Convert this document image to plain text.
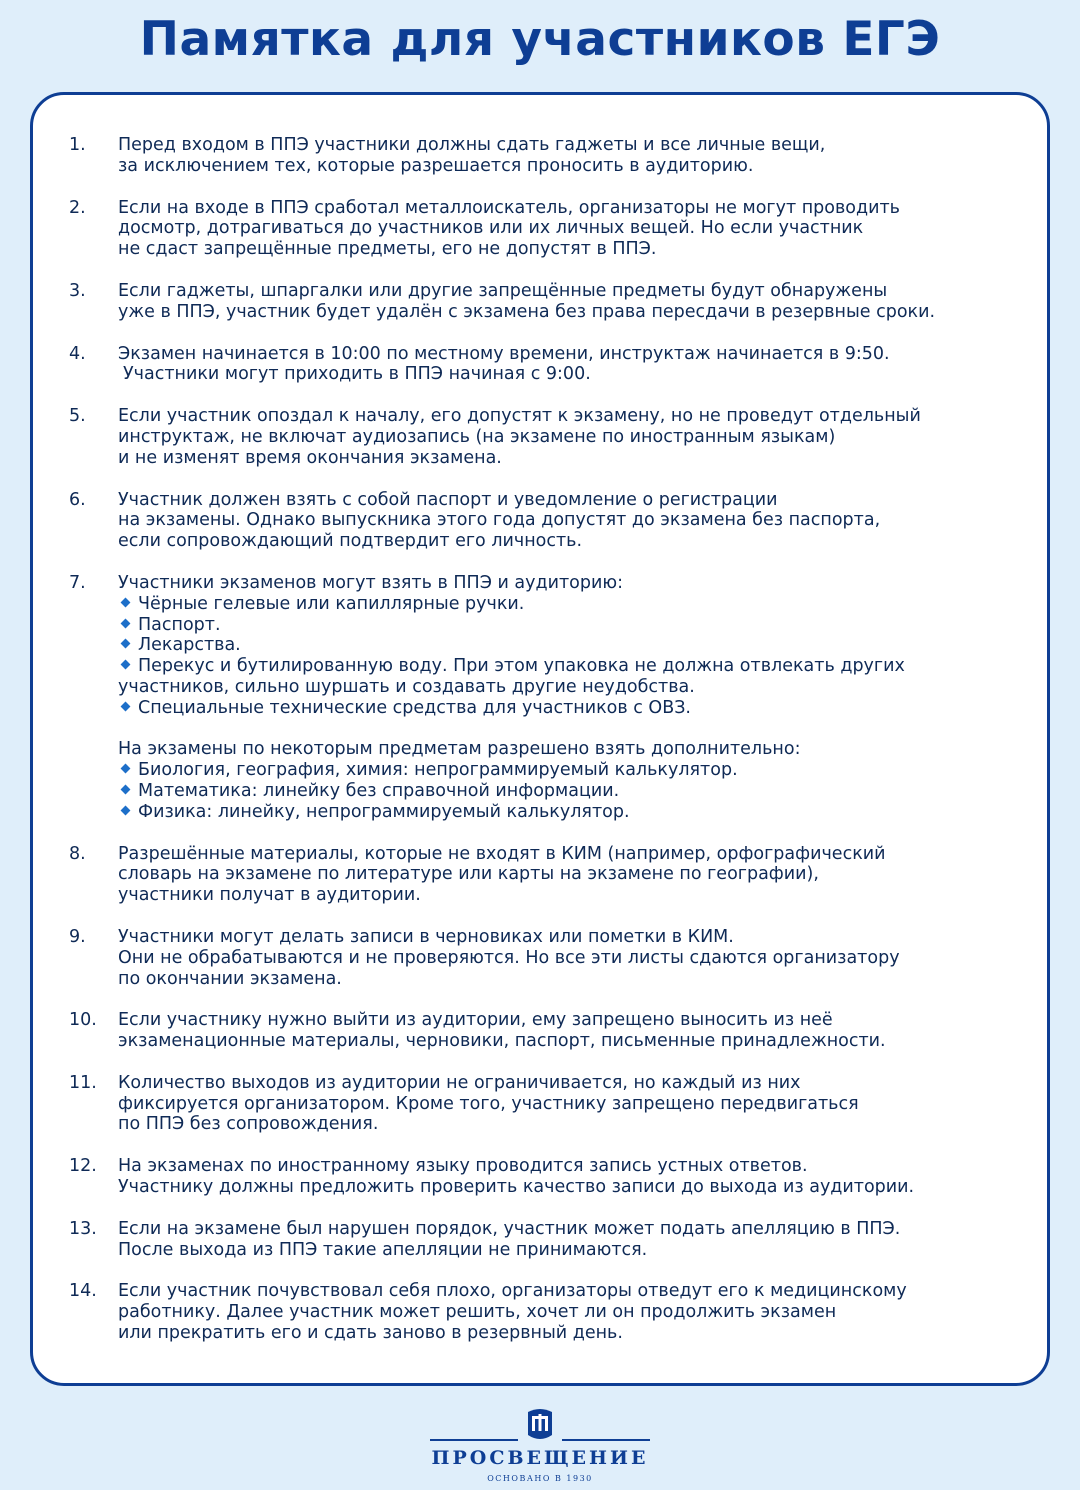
Памятка для участников ЕГЭ
1. Перед входом в ППЭ участники должны сдать гаджеты и все личные вещи,
за исключением тех, которые разрешается проносить в аудиторию.
2. Если на входе в ППЭ сработал металлоискатель, организаторы не могут проводить
досмотр, дотрагиваться до участников или их личных вещей. Но если участник
не сдаст запрещённые предметы, его не допустят в ППЭ.
3. Если гаджеты, шпаргалки или другие запрещённые предметы будут обнаружены
уже в ППЭ, участник будет удалён с экзамена без права пересдачи в резервные сроки.
4. Экзамен начинается в 10:00 по местному времени, инструктаж начинается в 9:50.
Участники могут приходить в ППЭ начиная с 9:00.
5. Если участник опоздал к началу, его допустят к экзамену, но не проведут отдельный
инструктаж, не включат аудиозапись (на экзамене по иностранным языкам)
и не изменят время окончания экзамена.
6. Участник должен взять с собой паспорт и уведомление о регистрации
на экзамены. Однако выпускника этого года допустят до экзамена без паспорта,
если сопровождающий подтвердит его личность.
7. Участники экзаменов могут взять в ППЭ и аудиторию:
Чёрные гелевые или капиллярные ручки.
Паспорт.
Лекарства.
Перекус и бутилированную воду. При этом упаковка не должна отвлекать других
участников, сильно шуршать и создавать другие неудобства.
Специальные технические средства для участников с ОВЗ.
На экзамены по некоторым предметам разрешено взять дополнительно:
Биология, география, химия: непрограммируемый калькулятор.
Математика: линейку без справочной информации.
Физика: линейку, непрограммируемый калькулятор.
8. Разрешённые материалы, которые не входят в КИМ (например, орфографический
словарь на экзамене по литературе или карты на экзамене по географии),
участники получат в аудитории.
9. Участники могут делать записи в черновиках или пометки в КИМ.
Они не обрабатываются и не проверяются. Но все эти листы сдаются организатору
по окончании экзамена.
10. Если участнику нужно выйти из аудитории, ему запрещено выносить из неё
экзаменационные материалы, черновики, паспорт, письменные принадлежности.
11. Количество выходов из аудитории не ограничивается, но каждый из них
фиксируется организатором. Кроме того, участнику запрещено передвигаться
по ППЭ без сопровождения.
12. На экзаменах по иностранному языку проводится запись устных ответов.
Участнику должны предложить проверить качество записи до выхода из аудитории.
13. Если на экзамене был нарушен порядок, участник может подать апелляцию в ППЭ.
После выхода из ППЭ такие апелляции не принимаются.
14. Если участник почувствовал себя плохо, организаторы отведут его к медицинскому
работнику. Далее участник может решить, хочет ли он продолжить экзамен
или прекратить его и сдать заново в резервный день.
ПРОСВЕЩЕНИЕ
ОСНОВАНО В 1930
